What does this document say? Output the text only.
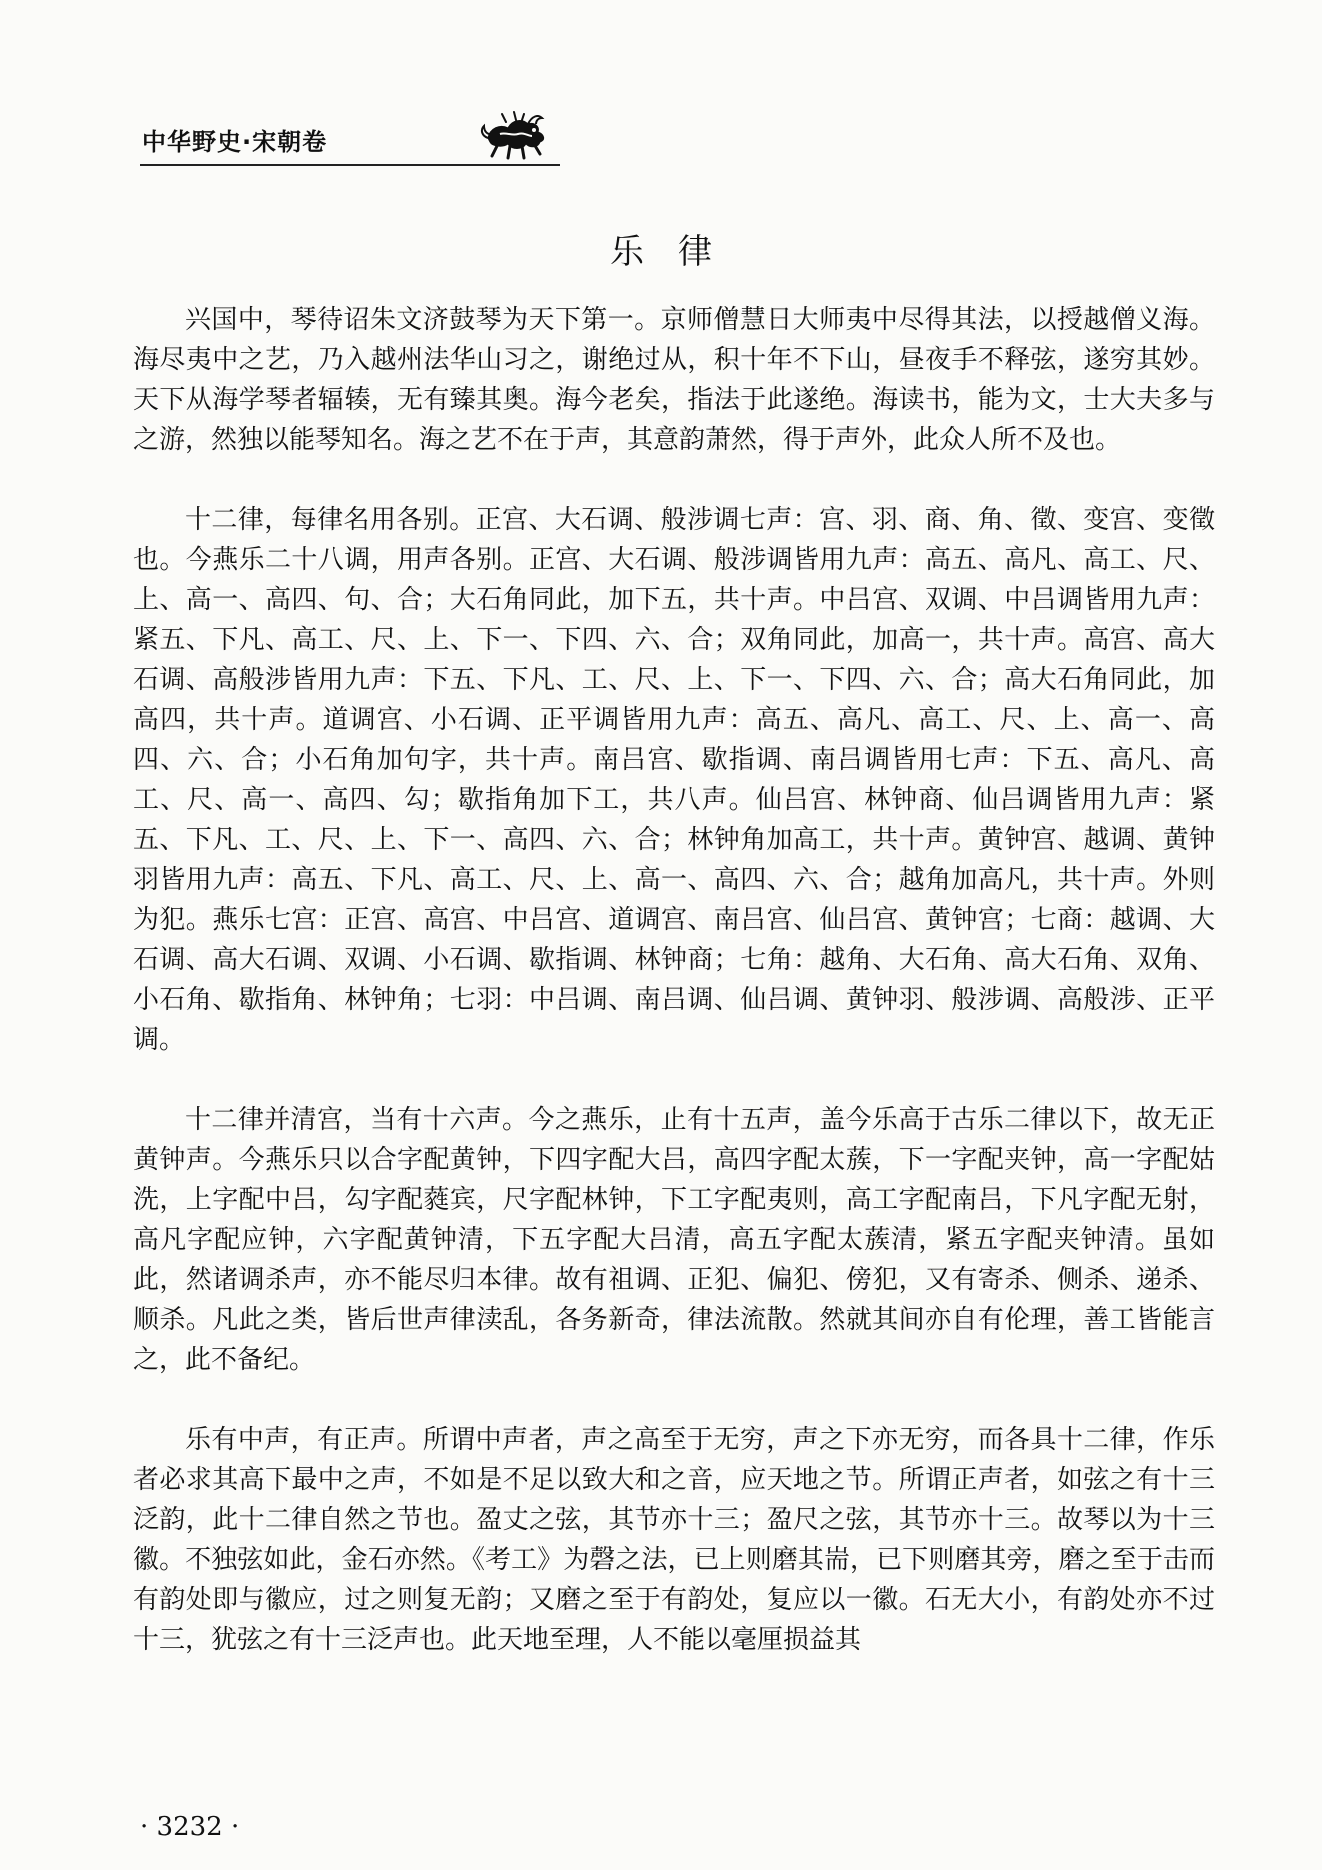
中华野史·宋朝卷
乐律

兴国中，琴待诏朱文济鼓琴为天下第一。京师僧慧日大师夷中尽得其法，以授越僧义海。海尽夷中之艺，乃入越州法华山习之，谢绝过从，积十年不下山，昼夜手不释弦，遂穷其妙。天下从海学琴者辐辏，无有臻其奥。海今老矣，指法于此遂绝。海读书，能为文，士大夫多与之游，然独以能琴知名。海之艺不在于声，其意韵萧然，得于声外，此众人所不及也。

十二律，每律名用各别。正宫、大石调、般涉调七声：宫、羽、商、角、徵、变宫、变徵也。今燕乐二十八调，用声各别。正宫、大石调、般涉调皆用九声：高五、高凡、高工、尺、上、高一、高四、句、合；大石角同此，加下五，共十声。中吕宫、双调、中吕调皆用九声：紧五、下凡、高工、尺、上、下一、下四、六、合；双角同此，加高一，共十声。高宫、高大石调、高般涉皆用九声：下五、下凡、工、尺、上、下一、下四、六、合；高大石角同此，加高四，共十声。道调宫、小石调、正平调皆用九声：高五、高凡、高工、尺、上、高一、高四、六、合；小石角加句字，共十声。南吕宫、歇指调、南吕调皆用七声：下五、高凡、高工、尺、高一、高四、勾；歇指角加下工，共八声。仙吕宫、林钟商、仙吕调皆用九声：紧五、下凡、工、尺、上、下一、高四、六、合；林钟角加高工，共十声。黄钟宫、越调、黄钟羽皆用九声：高五、下凡、高工、尺、上、高一、高四、六、合；越角加高凡，共十声。外则为犯。燕乐七宫：正宫、高宫、中吕宫、道调宫、南吕宫、仙吕宫、黄钟宫；七商：越调、大石调、高大石调、双调、小石调、歇指调、林钟商；七角：越角、大石角、高大石角、双角、小石角、歇指角、林钟角；七羽：中吕调、南吕调、仙吕调、黄钟羽、般涉调、高般涉、正平调。

十二律并清宫，当有十六声。今之燕乐，止有十五声，盖今乐高于古乐二律以下，故无正黄钟声。今燕乐只以合字配黄钟，下四字配大吕，高四字配太蔟，下一字配夹钟，高一字配姑洗，上字配中吕，勾字配蕤宾，尺字配林钟，下工字配夷则，高工字配南吕，下凡字配无射，高凡字配应钟，六字配黄钟清，下五字配大吕清，高五字配太蔟清，紧五字配夹钟清。虽如此，然诸调杀声，亦不能尽归本律。故有祖调、正犯、偏犯、傍犯，又有寄杀、侧杀、递杀、顺杀。凡此之类，皆后世声律渎乱，各务新奇，律法流散。然就其间亦自有伦理，善工皆能言之，此不备纪。

乐有中声，有正声。所谓中声者，声之高至于无穷，声之下亦无穷，而各具十二律，作乐者必求其高下最中之声，不如是不足以致大和之音，应天地之节。所谓正声者，如弦之有十三泛韵，此十二律自然之节也。盈丈之弦，其节亦十三；盈尺之弦，其节亦十三。故琴以为十三徽。不独弦如此，金石亦然。《考工》为磬之法，已上则磨其耑，已下则磨其旁，磨之至于击而有韵处即与徽应，过之则复无韵；又磨之至于有韵处，复应以一徽。石无大小，有韵处亦不过十三，犹弦之有十三泛声也。此天地至理，人不能以毫厘损益其

· 3232 ·
